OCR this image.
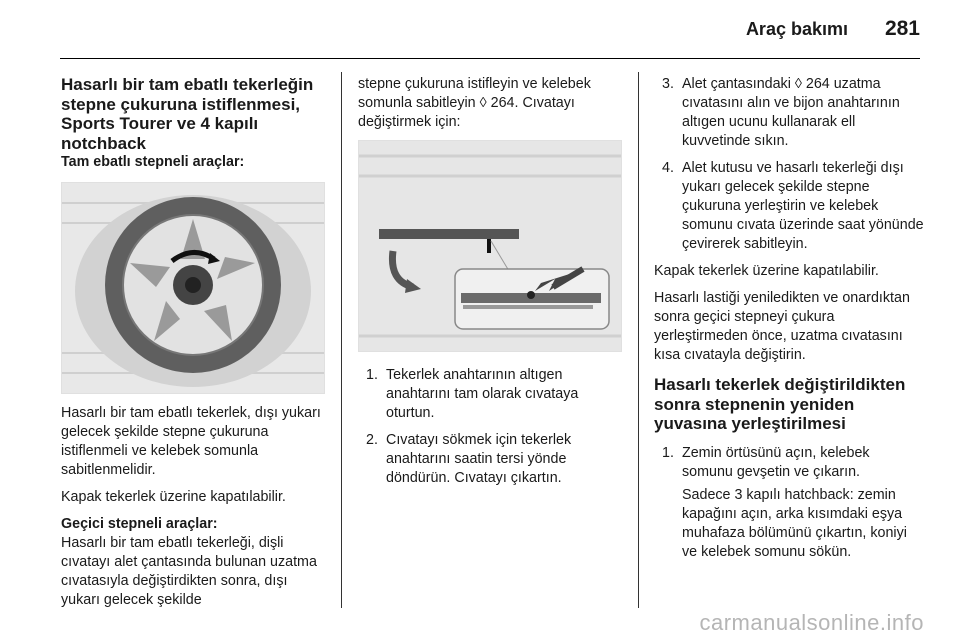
Araç bakımı 281
Hasarlı bir tam ebatlı tekerleğin stepne çukuruna istiflenmesi, Sports Tourer ve 4 kapılı notchback
Tam ebatlı stepneli araçlar:

Hasarlı bir tam ebatlı tekerlek, dışı yukarı gelecek şekilde stepne çukuruna istiflenmeli ve kelebek somunla sabitlenmelidir.

Kapak tekerlek üzerine kapatılabilir.

Geçici stepneli araçlar:

Hasarlı bir tam ebatlı tekerleği, dişli cıvatayı alet çantasında bulunan uzatma cıvatasıyla değiştirdikten sonra, dışı yukarı gelecek şekilde

stepne çukuruna istifleyin ve kelebek somunla sabitleyin ◊ 264. Cıvatayı değiştirmek için:

1. Tekerlek anahtarının altıgen anahtarını tam olarak cıvataya oturtun.
2. Cıvatayı sökmek için tekerlek anahtarını saatin tersi yönde döndürün. Cıvatayı çıkartın.
3. Alet çantasındaki ◊ 264 uzatma cıvatasını alın ve bijon anahtarının altıgen ucunu kullanarak ell kuvvetinde sıkın.
4. Alet kutusu ve hasarlı tekerleği dışı yukarı gelecek şekilde stepne çukuruna yerleştirin ve kelebek somunu cıvata üzerinde saat yönünde çevirerek sabitleyin.

Kapak tekerlek üzerine kapatılabilir.

Hasarlı lastiği yeniledikten ve onardıktan sonra geçici stepneyi çukura yerleştirmeden önce, uzatma cıvatasını kısa cıvatayla değiştirin.

Hasarlı tekerlek değiştirildikten sonra stepnenin yeniden yuvasına yerleştirilmesi
1. Zemin örtüsünü açın, kelebek somunu gevşetin ve çıkarın.
Sadece 3 kapılı hatchback: zemin kapağını açın, arka kısımdaki eşya muhafaza bölümünü çıkartın, koniyi ve kelebek somunu sökün.
carmanualsonline.info
